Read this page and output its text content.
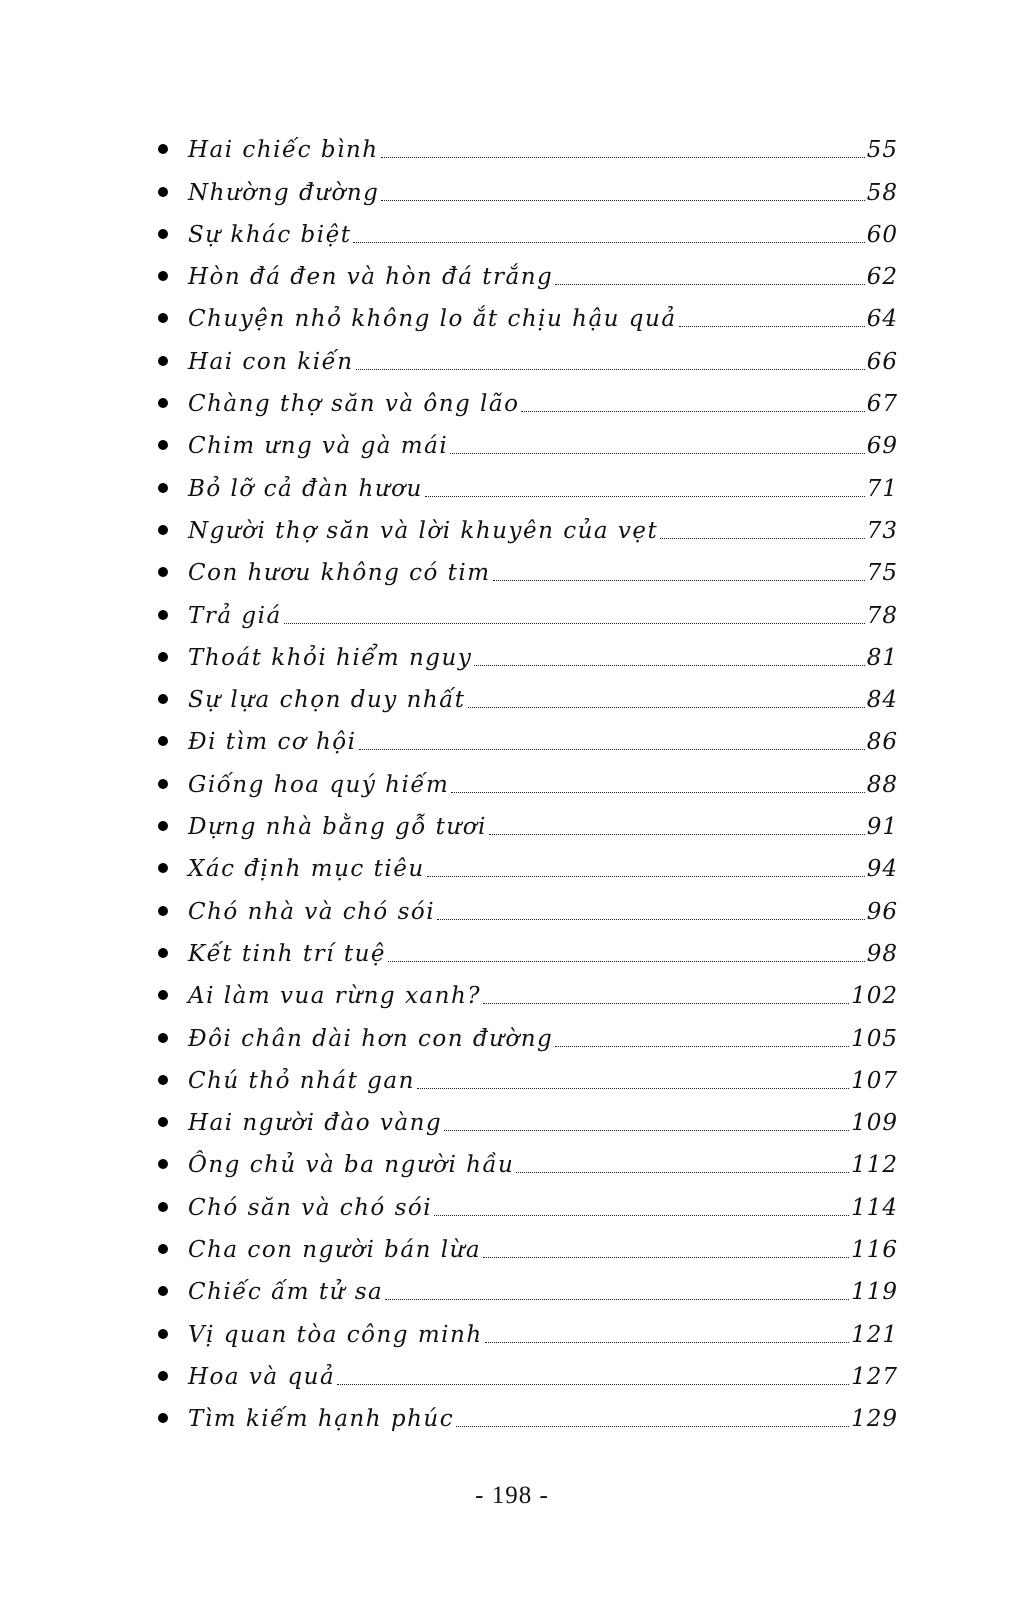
Hai chiếc bình	55
Nhường đường	58
Sự khác biệt	60
Hòn đá đen và hòn đá trắng	62
Chuyện nhỏ không lo ắt chịu hậu quả	64
Hai con kiến	66
Chàng thợ săn và ông lão	67
Chim ưng và gà mái	69
Bỏ lỡ cả đàn hươu	71
Người thợ săn và lời khuyên của vẹt	73
Con hươu không có tim	75
Trả giá	78
Thoát khỏi hiểm nguy	81
Sự lựa chọn duy nhất	84
Đi tìm cơ hội	86
Giống hoa quý hiếm	88
Dựng nhà bằng gỗ tươi	91
Xác định mục tiêu	94
Chó nhà và chó sói	96
Kết tinh trí tuệ	98
Ai làm vua rừng xanh?	102
Đôi chân dài hơn con đường	105
Chú thỏ nhát gan	107
Hai người đào vàng	109
Ông chủ và ba người hầu	112
Chó săn và chó sói	114
Cha con người bán lừa	116
Chiếc ấm tử sa	119
Vị quan tòa công minh	121
Hoa và quả	127
Tìm kiếm hạnh phúc	129
- 198 -
